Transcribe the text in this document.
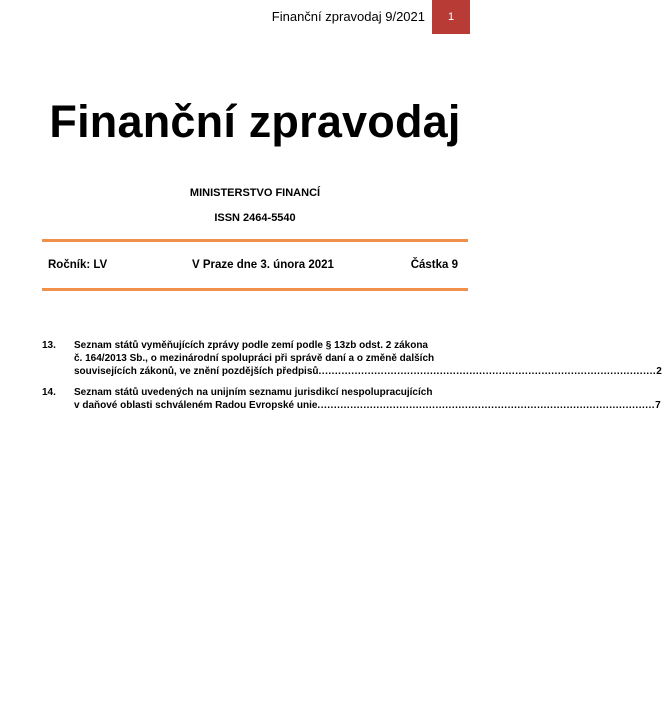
Finanční zpravodaj 9/2021	1
Finanční zpravodaj
MINISTERSTVO FINANCÍ
ISSN 2464-5540
Ročník: LV	V Praze dne 3. února 2021	Částka 9
13. Seznam států vyměňujících zprávy podle zemí podle § 13zb odst. 2 zákona
č. 164/2013 Sb., o mezinárodní spolupráci při správě daní a o změně dalších
souvisejících zákonů, ve znění pozdějších předpisů ....................................................................................................... 2
14. Seznam států uvedených na unijním seznamu jurisdikcí nespolupracujících
v daňové oblasti schváleném Radou Evropské unie ....................................................................................................... 7
